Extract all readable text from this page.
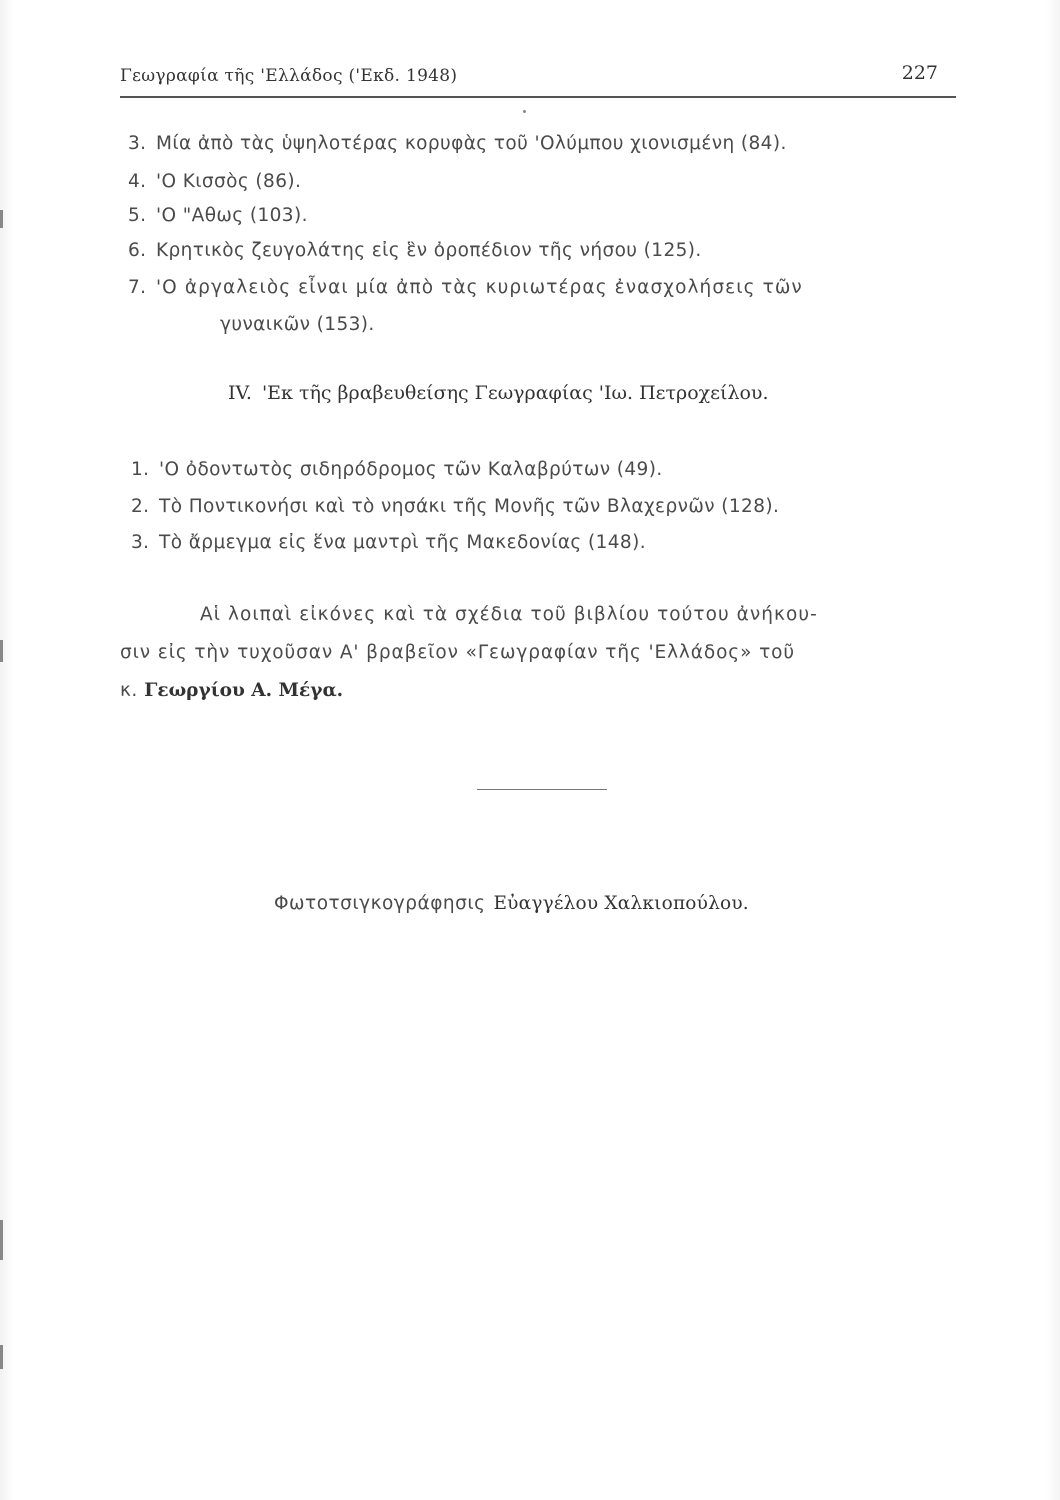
Γεωγραφία τῆς 'Ελλάδος ('Εκδ. 1948)	227
3. Μία ἀπὸ τὰς ὑψηλοτέρας κορυφὰς τοῦ 'Ολύμπου χιονισμένη (84).
4. 'Ο Κισσὸς (86).
5. 'Ο "Αθως (103).
6. Κρητικὸς ζευγολάτης εἰς ἓν ὀροπέδιον τῆς νήσου (125).
7. 'Ο ἀργαλειὸς εἶναι μία ἀπὸ τὰς κυριωτέρας ἐνασχολήσεις τῶν
γυναικῶν (153).
IV. 'Εκ τῆς βραβευθείσης Γεωγραφίας 'Ιω. Πετροχείλου.
1. 'Ο ὀδοντωτὸς σιδηρόδρομος τῶν Καλαβρύτων (49).
2. Τὸ Ποντικονήσι καὶ τὸ νησάκι τῆς Μονῆς τῶν Βλαχερνῶν (128).
3. Τὸ ἄρμεγμα εἰς ἕνα μαντρὶ τῆς Μακεδονίας (148).
Αἱ λοιπαὶ εἰκόνες καὶ τὰ σχέδια τοῦ βιβλίου τούτου ἀνήκου-
σιν εἰς τὴν τυχοῦσαν Α' βραβεῖον «Γεωγραφίαν τῆς 'Ελλάδος» τοῦ
κ. Γεωργίου Α. Μέγα.
Φωτοτσιγκογράφησις Εὐαγγέλου Χαλκιοπούλου.
